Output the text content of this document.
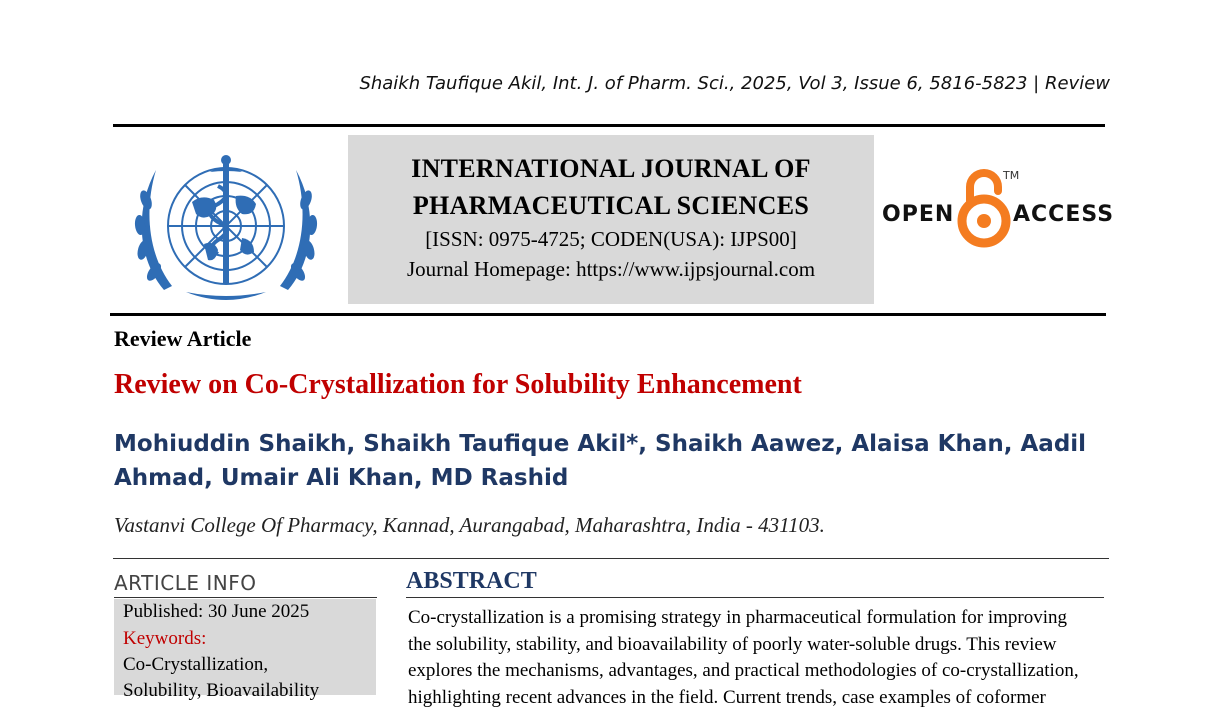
Shaikh Taufique Akil, Int. J. of Pharm. Sci., 2025, Vol 3, Issue 6, 5816-5823 | Review
INTERNATIONAL JOURNAL OF
PHARMACEUTICAL SCIENCES
[ISSN: 0975-4725; CODEN(USA): IJPS00]
Journal Homepage: https://www.ijpsjournal.com
OPEN
TM
ACCESS
Review Article
Review on Co-Crystallization for Solubility Enhancement
Mohiuddin Shaikh, Shaikh Taufique Akil*, Shaikh Aawez, Alaisa Khan, Aadil
Ahmad, Umair Ali Khan, MD Rashid
Vastanvi College Of Pharmacy, Kannad, Aurangabad, Maharashtra, India - 431103.
ARTICLE INFO
Published: 30 June 2025
Keywords:
Co-Crystallization,
Solubility, Bioavailability
ABSTRACT
Co-crystallization is a promising strategy in pharmaceutical formulation for improving
the solubility, stability, and bioavailability of poorly water-soluble drugs. This review
explores the mechanisms, advantages, and practical methodologies of co-crystallization,
highlighting recent advances in the field. Current trends, case examples of coformer
